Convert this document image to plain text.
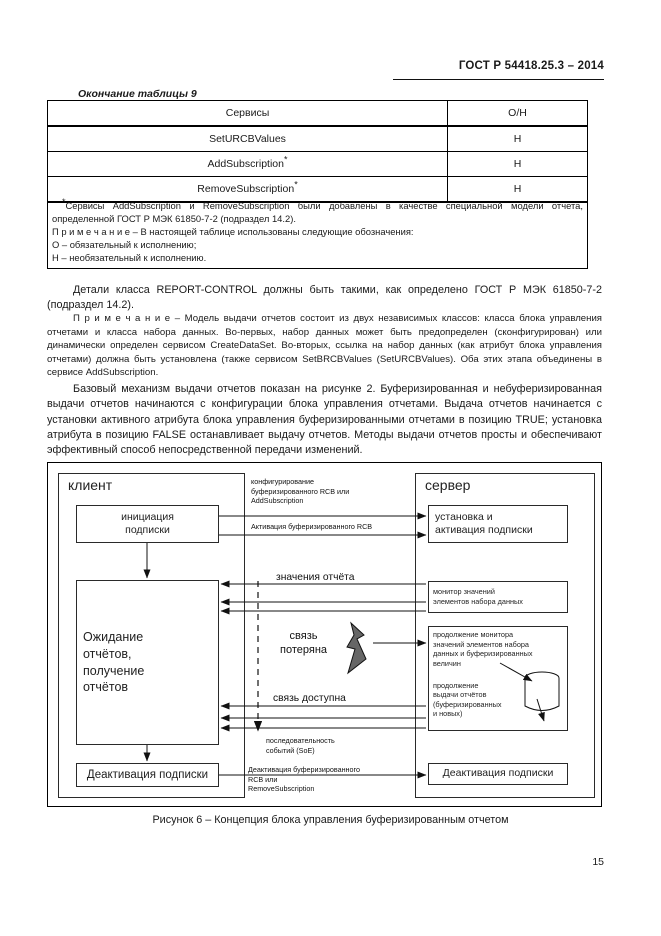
ГОСТ Р 54418.25.3 – 2014
Окончание таблицы 9
Сервисы	О/Н
SetURCBValues	Н
AddSubscription*	Н
RemoveSubscription*	Н

*Сервисы AddSubscription и RemoveSubscription были добавлены в качестве специальной модели отчета, определенной ГОСТ Р МЭК 61850-7-2 (подраздел 14.2).

П р и м е ч а н и е – В настоящей таблице использованы следующие обозначения:

О – обязательный к исполнению;

Н – необязательный к исполнению.

Детали класса REPORT-CONTROL должны быть такими, как определено ГОСТ Р МЭК 61850-7-2 (подраздел 14.2).

П р и м е ч а н и е – Модель выдачи отчетов состоит из двух независимых классов: класса блока управления отчетами и класса набора данных. Во-первых, набор данных может быть предопределен (сконфигурирован) или динамически определен сервисом CreateDataSet. Во-вторых, ссылка на набор данных (как атрибут блока управления отчетами) должна быть установлена (также сервисом SetBRCBValues (SetURCBValues). Оба этих этапа объединены в сервисе AddSubscription.

Базовый механизм выдачи отчетов показан на рисунке 2. Буферизированная и небуферизированная выдачи отчетов начинаются с конфигурации блока управления отчетами. Выдача отчетов начинается с установки активного атрибута блока управления буферизированными отчетами в позицию TRUE; установка атрибута в позицию FALSE останавливает выдачу отчетов. Методы выдачи отчетов просты и обеспечивают эффективный способ непосредственной передачи изменений.

клиент	сервер
инициация
подписки
Ожидание
отчётов,
получение
отчётов
Деактивация подписки
установка и
активация подписки
монитор значений
элементов набора данных
продолжение монитора
значений элементов набора
данных и буферизированных
величин
продолжение
выдачи отчётов
(буферизированных
и новых)
Деактивация подписки
конфигурирование
буферизированного RCB или
AddSubscription
Активация буферизированного RCB
значения отчёта
связь
потеряна
связь доступна
последовательность
событий (SoE)
Деактивация буферизированного
RCB или
RemoveSubscription
Рисунок 6 – Концепция блока управления буферизированным отчетом
15
